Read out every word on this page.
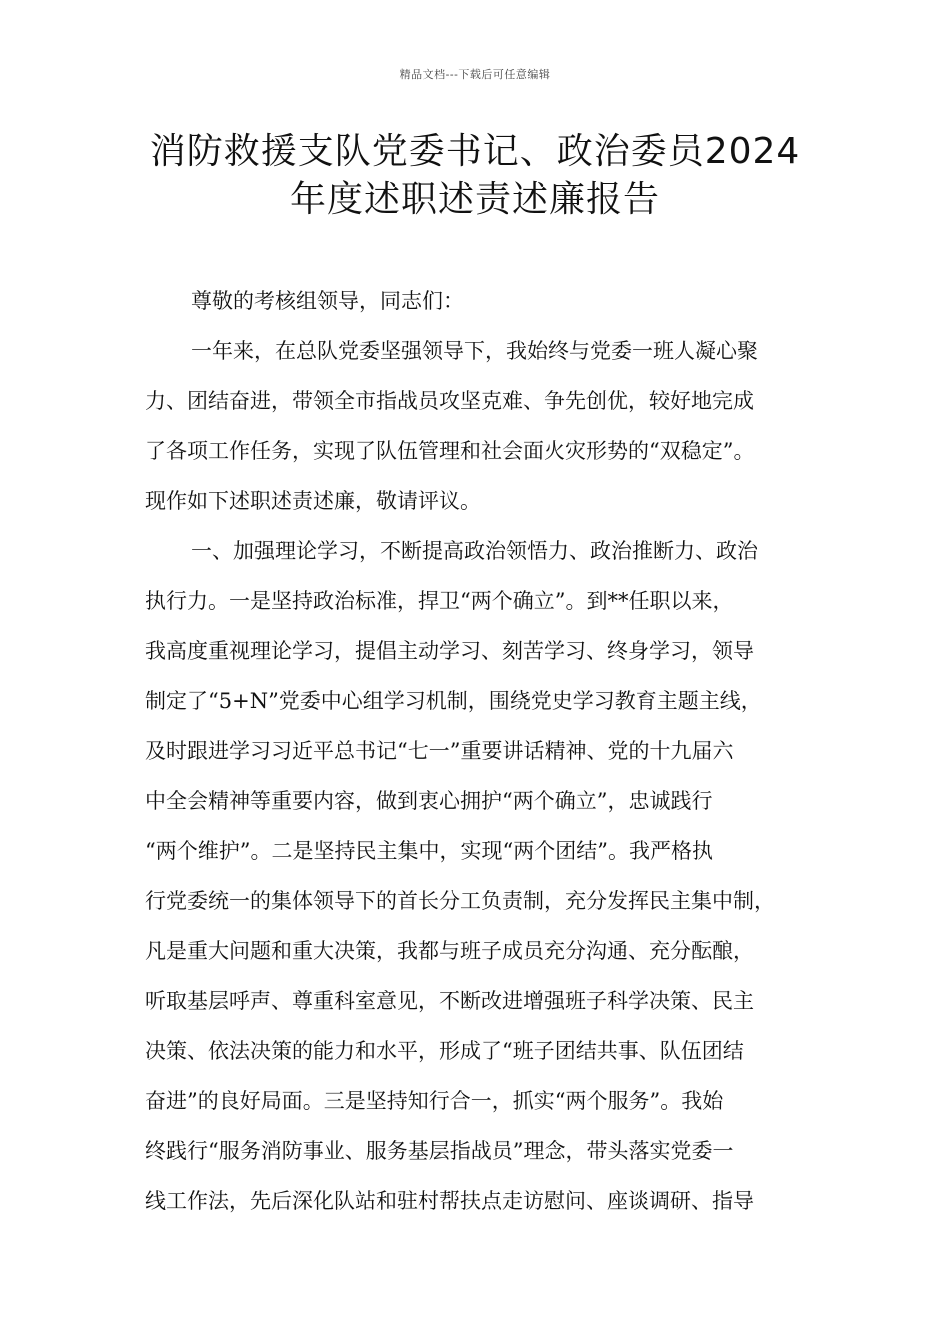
精品文档---下载后可任意编辑
消防救援支队党委书记、政治委员2024
年度述职述责述廉报告
尊敬的考核组领导，同志们：
一年来，在总队党委坚强领导下，我始终与党委一班人凝心聚
力、团结奋进，带领全市指战员攻坚克难、争先创优，较好地完成
了各项工作任务，实现了队伍管理和社会面火灾形势的“双稳定”。
现作如下述职述责述廉，敬请评议。
一、加强理论学习，不断提高政治领悟力、政治推断力、政治
执行力。一是坚持政治标准，捍卫“两个确立”。到**任职以来，
我高度重视理论学习，提倡主动学习、刻苦学习、终身学习，领导
制定了“5+N”党委中心组学习机制，围绕党史学习教育主题主线，
及时跟进学习习近平总书记“七一”重要讲话精神、党的十九届六
中全会精神等重要内容，做到衷心拥护“两个确立”，忠诚践行
“两个维护”。二是坚持民主集中，实现“两个团结”。我严格执
行党委统一的集体领导下的首长分工负责制，充分发挥民主集中制，
凡是重大问题和重大决策，我都与班子成员充分沟通、充分酝酿，
听取基层呼声、尊重科室意见，不断改进增强班子科学决策、民主
决策、依法决策的能力和水平，形成了“班子团结共事、队伍团结
奋进”的良好局面。三是坚持知行合一，抓实“两个服务”。我始
终践行“服务消防事业、服务基层指战员”理念，带头落实党委一
线工作法，先后深化队站和驻村帮扶点走访慰问、座谈调研、指导
